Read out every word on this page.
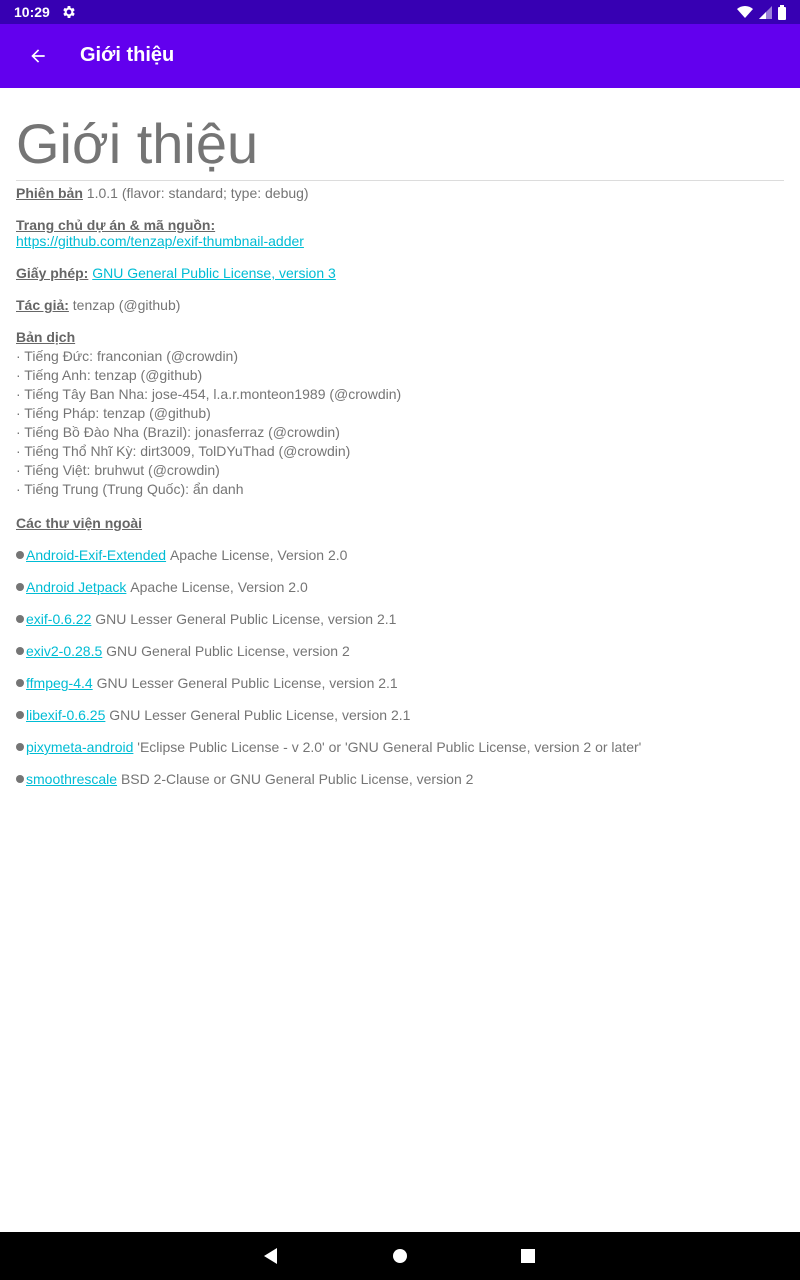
10:29
Giới thiệu
Giới thiệu
Phiên bản 1.0.1 (flavor: standard; type: debug)
Trang chủ dự án & mã nguồn:
https://github.com/tenzap/exif-thumbnail-adder
Giấy phép: GNU General Public License, version 3
Tác giả: tenzap (@github)
Bản dịch
· Tiếng Đức: franconian (@crowdin)
· Tiếng Anh: tenzap (@github)
· Tiếng Tây Ban Nha: jose-454, l.a.r.monteon1989 (@crowdin)
· Tiếng Pháp: tenzap (@github)
· Tiếng Bồ Đào Nha (Brazil): jonasferraz (@crowdin)
· Tiếng Thổ Nhĩ Kỳ: dirt3009, TolDYuThad (@crowdin)
· Tiếng Việt: bruhwut (@crowdin)
· Tiếng Trung (Trung Quốc): ẩn danh
Các thư viện ngoài
Android-Exif-Extended
Apache License, Version 2.0
Android Jetpack
Apache License, Version 2.0
exif-0.6.22
GNU Lesser General Public License, version 2.1
exiv2-0.28.5
GNU General Public License, version 2
ffmpeg-4.4
GNU Lesser General Public License, version 2.1
libexif-0.6.25
GNU Lesser General Public License, version 2.1
pixymeta-android
'Eclipse Public License - v 2.0' or 'GNU General Public License, version 2 or later'
smoothrescale
BSD 2-Clause or GNU General Public License, version 2
